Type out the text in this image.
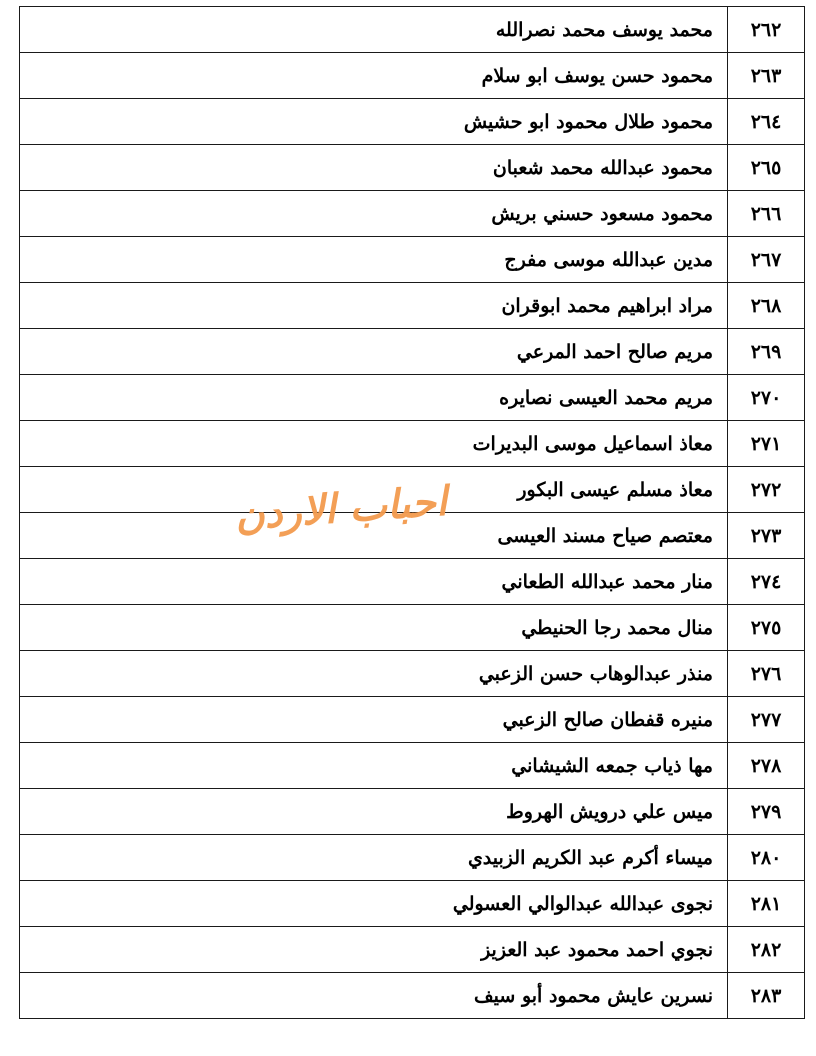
٢٦٢	محمد يوسف محمد نصرالله
٢٦٣	محمود حسن يوسف ابو سلام
٢٦٤	محمود طلال محمود ابو حشيش
٢٦٥	محمود عبدالله محمد شعبان
٢٦٦	محمود مسعود حسني بريش
٢٦٧	مدين عبدالله موسى مفرج
٢٦٨	مراد ابراهيم محمد ابوقران
٢٦٩	مريم صالح احمد المرعي
٢٧٠	مريم محمد العيسى نصايره
٢٧١	معاذ اسماعيل موسى البديرات
٢٧٢	معاذ مسلم عيسى البكور
٢٧٣	معتصم صياح مسند العيسى
٢٧٤	منار محمد عبدالله الطعاني
٢٧٥	منال محمد رجا الحنيطي
٢٧٦	منذر عبدالوهاب حسن الزعبي
٢٧٧	منيره قفطان صالح الزعبي
٢٧٨	مها ذياب جمعه الشيشاني
٢٧٩	ميس علي درويش الهروط
٢٨٠	ميساء أكرم عبد الكريم الزبيدي
٢٨١	نجوى عبدالله عبدالوالي العسولي
٢٨٢	نجوي احمد محمود عبد العزيز
٢٨٣	نسرين عايش محمود أبو سيف
احباب الاردن
